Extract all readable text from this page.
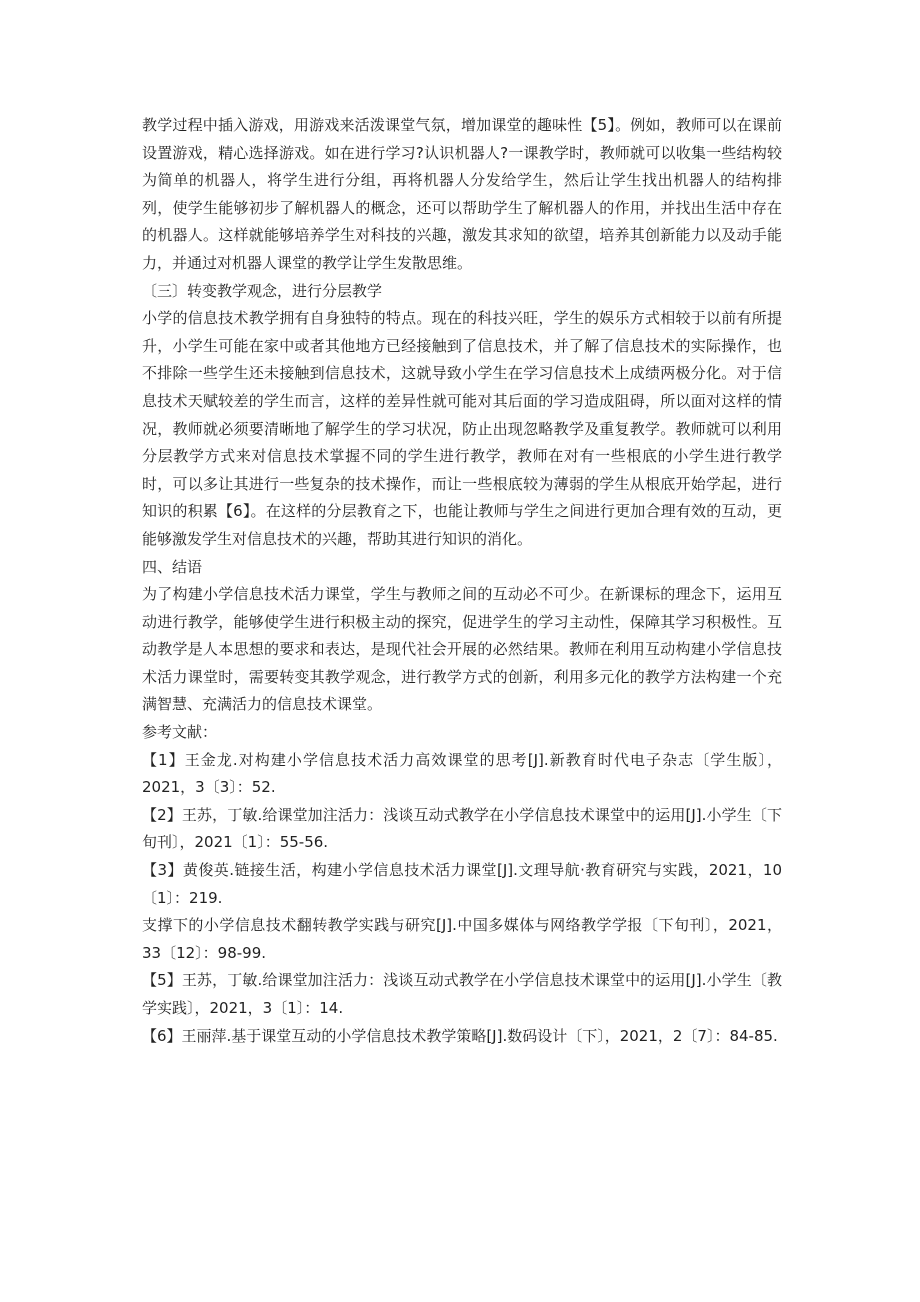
教学过程中插入游戏，用游戏来活泼课堂气氛，增加课堂的趣味性【5】。例如，教师可以在课前设置游戏，精心选择游戏。如在进行学习?认识机器人?一课教学时，教师就可以收集一些结构较为简单的机器人，将学生进行分组，再将机器人分发给学生，然后让学生找出机器人的结构排列，使学生能够初步了解机器人的概念，还可以帮助学生了解机器人的作用，并找出生活中存在的机器人。这样就能够培养学生对科技的兴趣，激发其求知的欲望，培养其创新能力以及动手能力，并通过对机器人课堂的教学让学生发散思维。

〔三〕转变教学观念，进行分层教学

小学的信息技术教学拥有自身独特的特点。现在的科技兴旺，学生的娱乐方式相较于以前有所提升，小学生可能在家中或者其他地方已经接触到了信息技术，并了解了信息技术的实际操作，也不排除一些学生还未接触到信息技术，这就导致小学生在学习信息技术上成绩两极分化。对于信息技术天赋较差的学生而言，这样的差异性就可能对其后面的学习造成阻碍，所以面对这样的情况，教师就必须要清晰地了解学生的学习状况，防止出现忽略教学及重复教学。教师就可以利用分层教学方式来对信息技术掌握不同的学生进行教学，教师在对有一些根底的小学生进行教学时，可以多让其进行一些复杂的技术操作，而让一些根底较为薄弱的学生从根底开始学起，进行知识的积累【6】。在这样的分层教育之下，也能让教师与学生之间进行更加合理有效的互动，更能够激发学生对信息技术的兴趣，帮助其进行知识的消化。

四、结语

为了构建小学信息技术活力课堂，学生与教师之间的互动必不可少。在新课标的理念下，运用互动进行教学，能够使学生进行积极主动的探究，促进学生的学习主动性，保障其学习积极性。互动教学是人本思想的要求和表达，是现代社会开展的必然结果。教师在利用互动构建小学信息技术活力课堂时，需要转变其教学观念，进行教学方式的创新，利用多元化的教学方法构建一个充满智慧、充满活力的信息技术课堂。

参考文献：

【1】王金龙.对构建小学信息技术活力高效课堂的思考[J].新教育时代电子杂志〔学生版〕，2021，3〔3〕：52.

【2】王苏，丁敏.给课堂加注活力：浅谈互动式教学在小学信息技术课堂中的运用[J].小学生〔下旬刊〕，2021〔1〕：55-56.

【3】黄俊英.链接生活，构建小学信息技术活力课堂[J].文理导航·教育研究与实践，2021，10〔1〕：219.

支撑下的小学信息技术翻转教学实践与研究[J].中国多媒体与网络教学学报〔下旬刊〕，2021，33〔12〕：98-99.

【5】王苏，丁敏.给课堂加注活力：浅谈互动式教学在小学信息技术课堂中的运用[J].小学生〔教学实践〕，2021，3〔1〕：14.

【6】王丽萍.基于课堂互动的小学信息技术教学策略[J].数码设计〔下〕，2021，2〔7〕：84-85.
